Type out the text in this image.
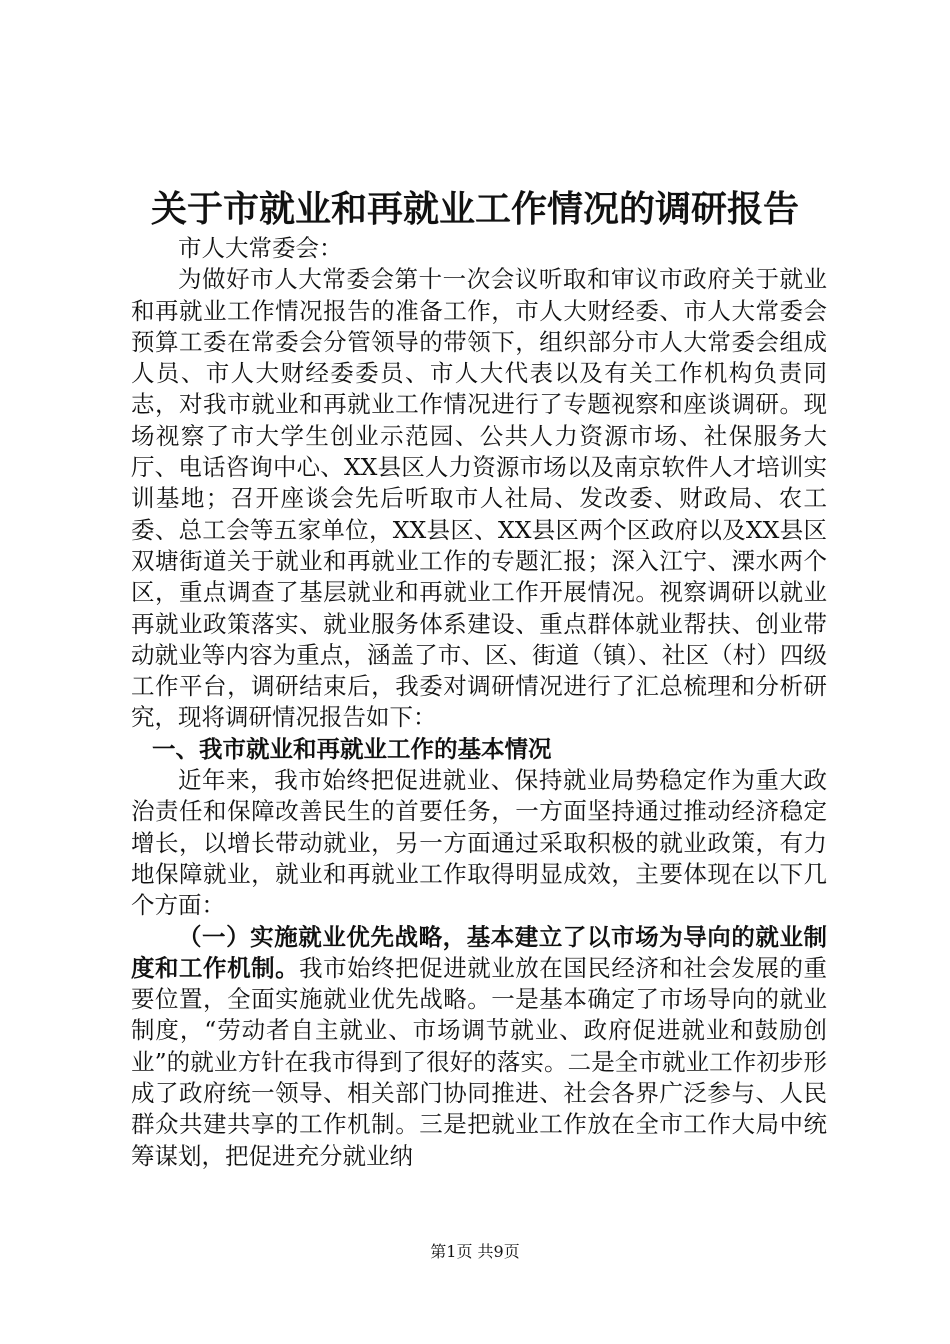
关于市就业和再就业工作情况的调研报告

市人大常委会：

为做好市人大常委会第十一次会议听取和审议市政府关于就业和再就业工作情况报告的准备工作，市人大财经委、市人大常委会预算工委在常委会分管领导的带领下，组织部分市人大常委会组成人员、市人大财经委委员、市人大代表以及有关工作机构负责同志，对我市就业和再就业工作情况进行了专题视察和座谈调研。现场视察了市大学生创业示范园、公共人力资源市场、社保服务大厅、电话咨询中心、XX县区人力资源市场以及南京软件人才培训实训基地；召开座谈会先后听取市人社局、发改委、财政局、农工委、总工会等五家单位，XX县区、XX县区两个区政府以及XX县区双塘街道关于就业和再就业工作的专题汇报；深入江宁、溧水两个区，重点调查了基层就业和再就业工作开展情况。视察调研以就业再就业政策落实、就业服务体系建设、重点群体就业帮扶、创业带动就业等内容为重点，涵盖了市、区、街道（镇）、社区（村）四级工作平台，调研结束后，我委对调研情况进行了汇总梳理和分析研究，现将调研情况报告如下：

一、我市就业和再就业工作的基本情况

近年来，我市始终把促进就业、保持就业局势稳定作为重大政治责任和保障改善民生的首要任务，一方面坚持通过推动经济稳定增长，以增长带动就业，另一方面通过采取积极的就业政策，有力地保障就业，就业和再就业工作取得明显成效，主要体现在以下几个方面：

（一）实施就业优先战略，基本建立了以市场为导向的就业制度和工作机制。我市始终把促进就业放在国民经济和社会发展的重要位置，全面实施就业优先战略。一是基本确定了市场导向的就业制度，“劳动者自主就业、市场调节就业、政府促进就业和鼓励创业”的就业方针在我市得到了很好的落实。二是全市就业工作初步形成了政府统一领导、相关部门协同推进、社会各界广泛参与、人民群众共建共享的工作机制。三是把就业工作放在全市工作大局中统筹谋划，把促进充分就业纳

第1页 共9页
